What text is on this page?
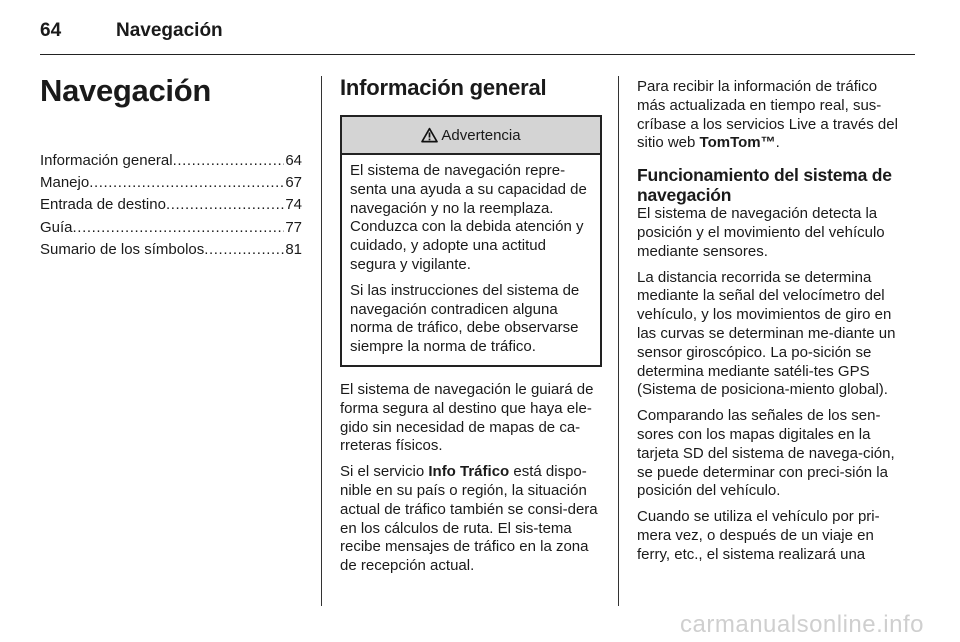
64	Navegación
Navegación
Información general .....	64
Manejo .....	67
Entrada de destino .....	74
Guía .....	77
Sumario de los símbolos .....	81
Información general
Advertencia

El sistema de navegación repre-senta una ayuda a su capacidad de navegación y no la reemplaza. Conduzca con la debida atención y cuidado, y adopte una actitud segura y vigilante.

Si las instrucciones del sistema de navegación contradicen alguna norma de tráfico, debe observarse siempre la norma de tráfico.

El sistema de navegación le guiará de forma segura al destino que haya ele-gido sin necesidad de mapas de ca-rreteras físicos.

Si el servicio Info Tráfico está dispo-nible en su país o región, la situación actual de tráfico también se consi-dera en los cálculos de ruta. El sis-tema recibe mensajes de tráfico en la zona de recepción actual.

Para recibir la información de tráfico más actualizada en tiempo real, sus-críbase a los servicios Live a través del sitio web TomTom™.

Funcionamiento del sistema de navegación

El sistema de navegación detecta la posición y el movimiento del vehículo mediante sensores.

La distancia recorrida se determina mediante la señal del velocímetro del vehículo, y los movimientos de giro en las curvas se determinan me-diante un sensor giroscópico. La po-sición se determina mediante satéli-tes GPS (Sistema de posiciona-miento global).

Comparando las señales de los sen-sores con los mapas digitales en la tarjeta SD del sistema de navega-ción, se puede determinar con preci-sión la posición del vehículo.

Cuando se utiliza el vehículo por pri-mera vez, o después de un viaje en ferry, etc., el sistema realizará una

carmanualsonline.info
